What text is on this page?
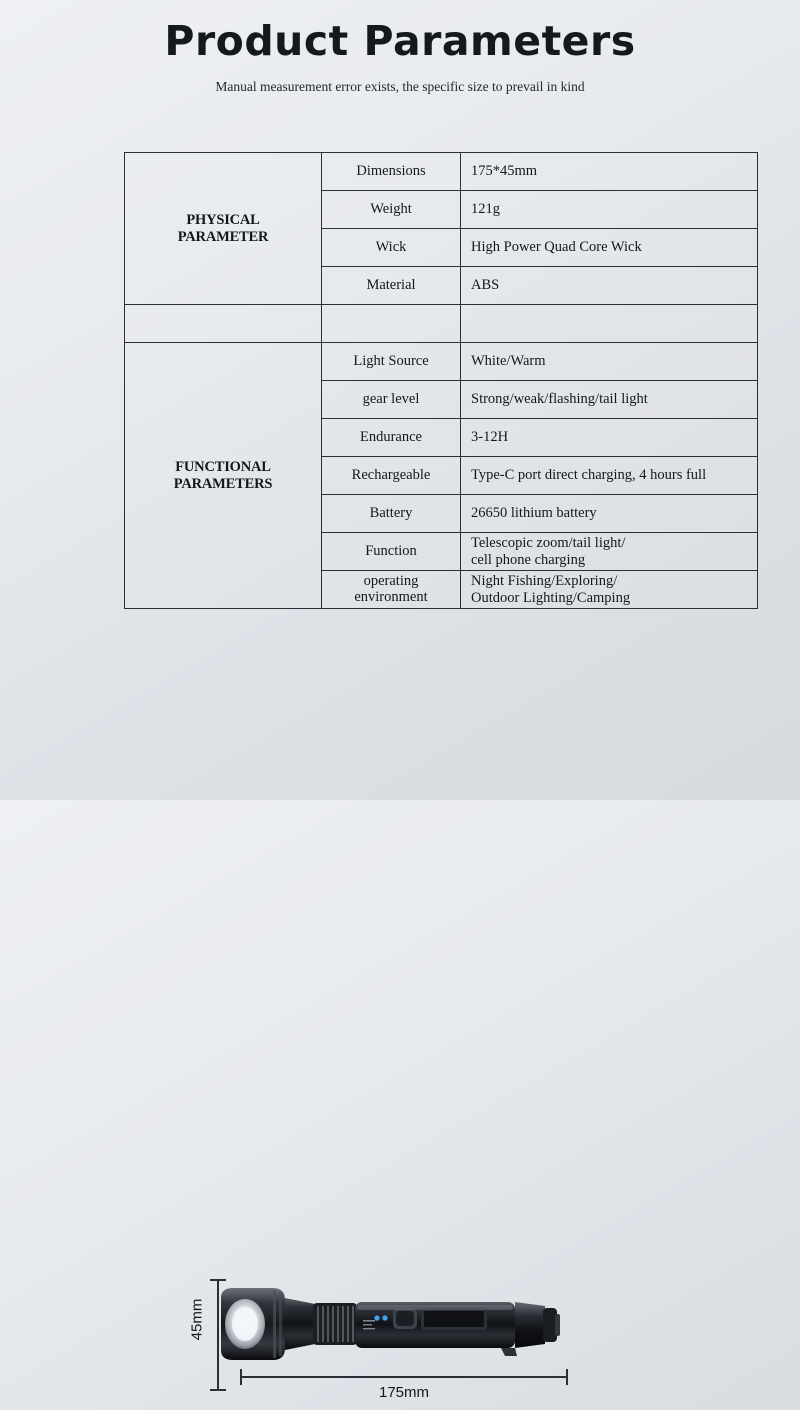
Product Parameters

Manual measurement error exists, the specific size to prevail in kind

PHYSICAL
PARAMETER	Dimensions	175*45mm
	Weight	121g
	Wick	High Power Quad Core Wick
	Material	ABS

FUNCTIONAL
PARAMETERS	Light Source	White/Warm
	gear level	Strong/weak/flashing/tail light
	Endurance	3-12H
	Rechargeable	Type-C port direct charging, 4 hours full
	Battery	26650 lithium battery
	Function	Telescopic zoom/tail light/
cell phone charging
	operating
environment	Night Fishing/Exploring/
Outdoor Lighting/Camping
45mm
175mm
